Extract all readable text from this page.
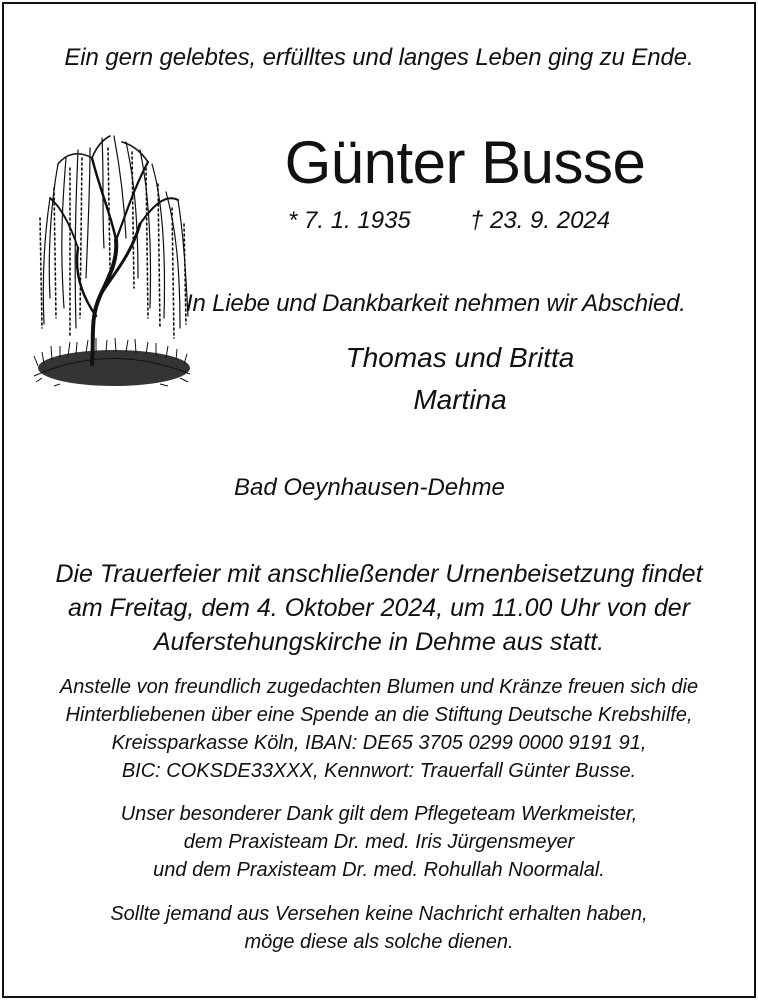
Ein gern gelebtes, erfülltes und langes Leben ging zu Ende.
Günter Busse
* 7. 1. 1935 † 23. 9. 2024
In Liebe und Dankbarkeit nehmen wir Abschied.
Thomas und Britta
Martina
Bad Oeynhausen-Dehme
Die Trauerfeier mit anschließender Urnenbeisetzung findet
am Freitag, dem 4. Oktober 2024, um 11.00 Uhr von der
Auferstehungskirche in Dehme aus statt.
Anstelle von freundlich zugedachten Blumen und Kränze freuen sich die
Hinterbliebenen über eine Spende an die Stiftung Deutsche Krebshilfe,
Kreissparkasse Köln, IBAN: DE65 3705 0299 0000 9191 91,
BIC: COKSDE33XXX, Kennwort: Trauerfall Günter Busse.
Unser besonderer Dank gilt dem Pflegeteam Werkmeister,
dem Praxisteam Dr. med. Iris Jürgensmeyer
und dem Praxisteam Dr. med. Rohullah Noormalal.
Sollte jemand aus Versehen keine Nachricht erhalten haben,
möge diese als solche dienen.
